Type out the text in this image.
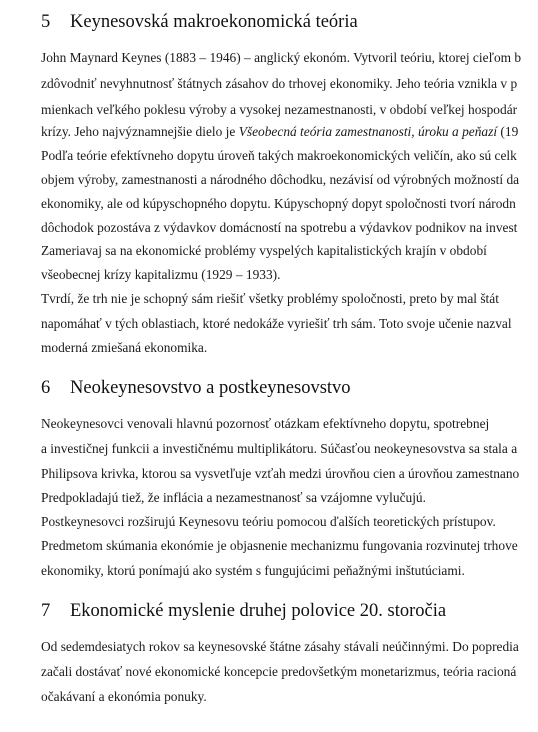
5 Keynesovská makroekonomická teória
John Maynard Keynes (1883 – 1946) – anglický ekonóm. Vytvoril teóriu, ktorej cieľom b
zdôvodniť nevyhnutnosť štátnych zásahov do trhovej ekonomiky. Jeho teória vznikla v p
mienkach veľkého poklesu výroby a vysokej nezamestnanosti, v období veľkej hospodár
krízy. Jeho najvýznamnejšie dielo je Všeobecná teória zamestnanosti, úroku a peňazí (19
Podľa teórie efektívneho dopytu úroveň takých makroekonomických veličín, ako sú celk
objem výroby, zamestnanosti a národného dôchodku, nezávisí od výrobných možností da
ekonomiky, ale od kúpyschopného dopytu. Kúpyschopný dopyt spoločnosti tvorí národn
dôchodok pozostáva z výdavkov domácností na spotrebu a výdavkov podnikov na invest
Zameriavaj sa na ekonomické problémy vyspelých kapitalistických krajín v období
všeobecnej krízy kapitalizmu (1929 – 1933).
Tvrdí, že trh nie je schopný sám riešiť všetky problémy spoločnosti, preto by mal štát
napomáhať v tých oblastiach, ktoré nedokáže vyriešiť trh sám. Toto svoje učenie nazval
moderná zmiešaná ekonomika.
6 Neokeynesovstvo a postkeynesovstvo
Neokeynesovci venovali hlavnú pozornosť otázkam efektívneho dopytu, spotrebnej
a investičnej funkcii a investičnému multiplikátoru. Súčasťou neokeynesovstva sa stala a
Philipsova krivka, ktorou sa vysvetľuje vzťah medzi úrovňou cien a úrovňou zamestnano
Predpokladajú tiež, že inflácia a nezamestnanosť sa vzájomne vylučujú.
Postkeynesovci rozširujú Keynesovu teóriu pomocou ďalších teoretických prístupov.
Predmetom skúmania ekonómie je objasnenie mechanizmu fungovania rozvinutej trhove
ekonomiky, ktorú ponímajú ako systém s fungujúcimi peňažnými inštutúciami.
7 Ekonomické myslenie druhej polovice 20. storočia
Od sedemdesiatych rokov sa keynesovské štátne zásahy stávali neúčinnými. Do popredia
začali dostávať nové ekonomické koncepcie predovšetkým monetarizmus, teória racioná
očakávaní a ekonómia ponuky.
